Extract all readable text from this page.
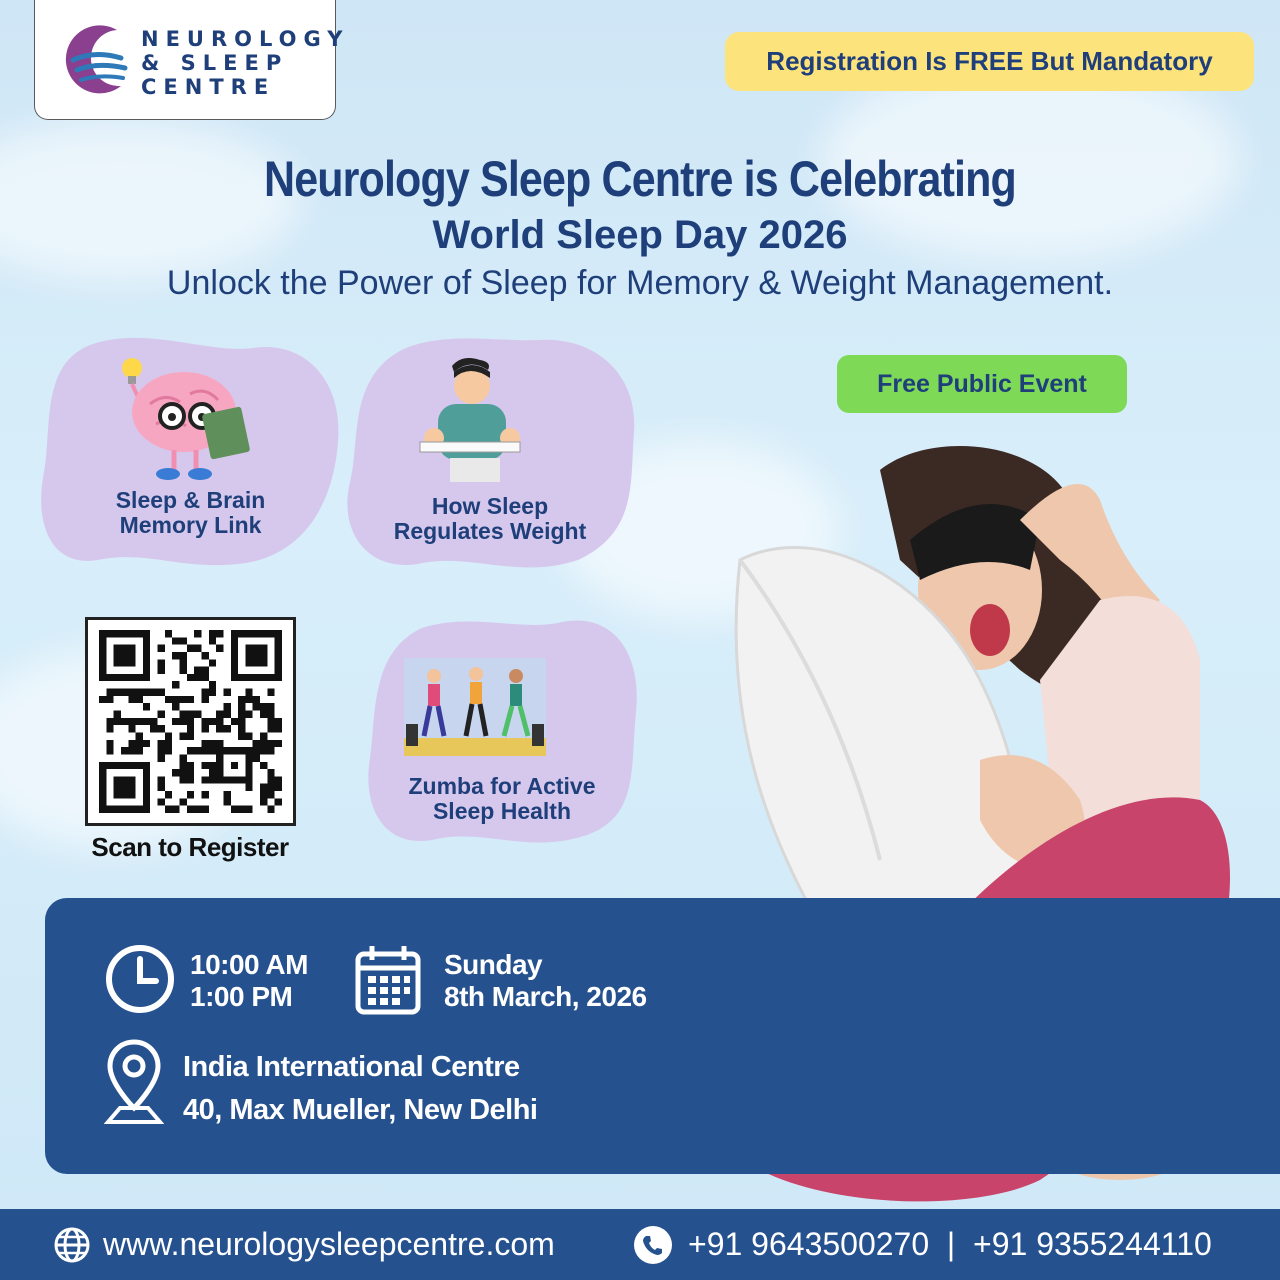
NEUROLOGY
& SLEEP
CENTRE
Registration Is FREE But Mandatory
Neurology Sleep Centre is Celebrating
World Sleep Day 2026
Unlock the Power of Sleep for Memory & Weight Management.
Sleep & Brain
Memory Link
How Sleep
Regulates Weight
Zumba for Active
Sleep Health
Free Public Event
Scan to Register
10:00 AM
1:00 PM
Sunday
8th March, 2026
India International Centre
40, Max Mueller, New Delhi
www.neurologysleepcentre.com	+91 9643500270  |  +91 9355244110
